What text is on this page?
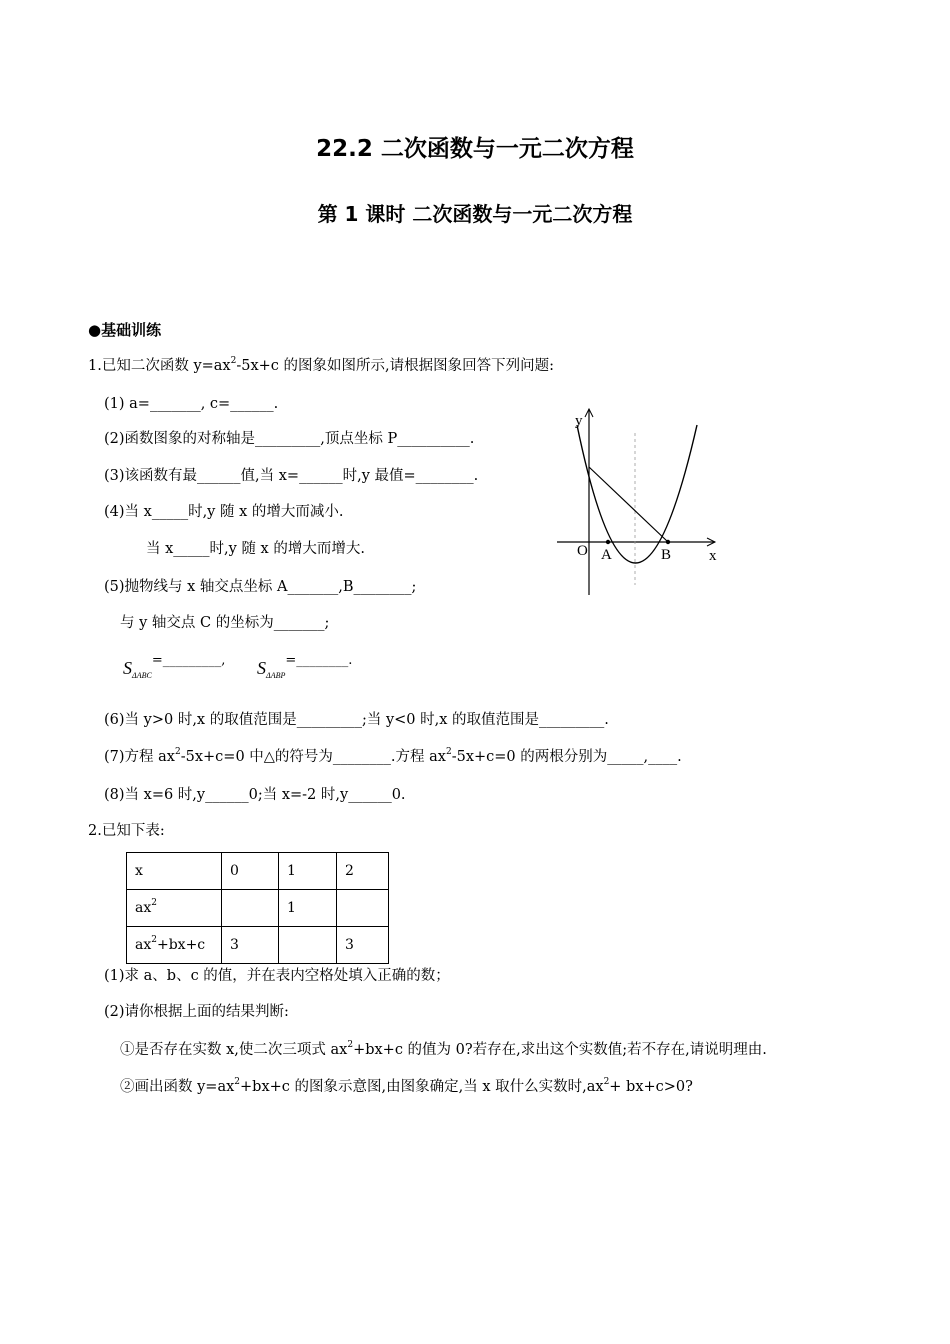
22.2 二次函数与一元二次方程
第 1 课时 二次函数与一元二次方程
●基础训练
1.已知二次函数 $y=ax^2-5x+c$ 的图象如图所示,请根据图象回答下列问题:
(1) a=_______, c=______.
(2)函数图象的对称轴是_________,顶点坐标 P__________.
(3)该函数有最______值,当 x=______时,y 最值=________.
(4)当 x_____时,y 随 x 的增大而减小.
当 x_____时,y 随 x 的增大而增大.
(5)抛物线与 x 轴交点坐标 A_______,B________;
与 y 轴交点 C 的坐标为_______;
$S_{\Delta ABC}^{=\_\_\_\_\_\_\_\_\_,}$ $S_{\Delta ABP}^{=\_\_\_\_\_\_\_\_.}$
(6)当 y>0 时,x 的取值范围是_________;当 y<0 时,x 的取值范围是_________.
(7)方程 $ax^2-5x+c=0$ 中△的符号为________.方程 $ax^2-5x+c=0$ 的两根分别为_____,____.
(8)当 x=6 时,y______0;当 x=-2 时,y______0.
y
x
O A	B
2.已知下表:
x	0	1	2
$ax^2$		1	
$ax^2+bx+c$	3		3
(1)求 a、b、c 的值，并在表内空格处填入正确的数；
(2)请你根据上面的结果判断:
①是否存在实数 x,使二次三项式 $ax^2+bx+c$ 的值为 0?若存在,求出这个实数值;若不存在,请说明理由.
②画出函数 $y=ax^2+bx+c$ 的图象示意图,由图象确定,当 x 取什么实数时$,ax^2+ bx+c>0$?
